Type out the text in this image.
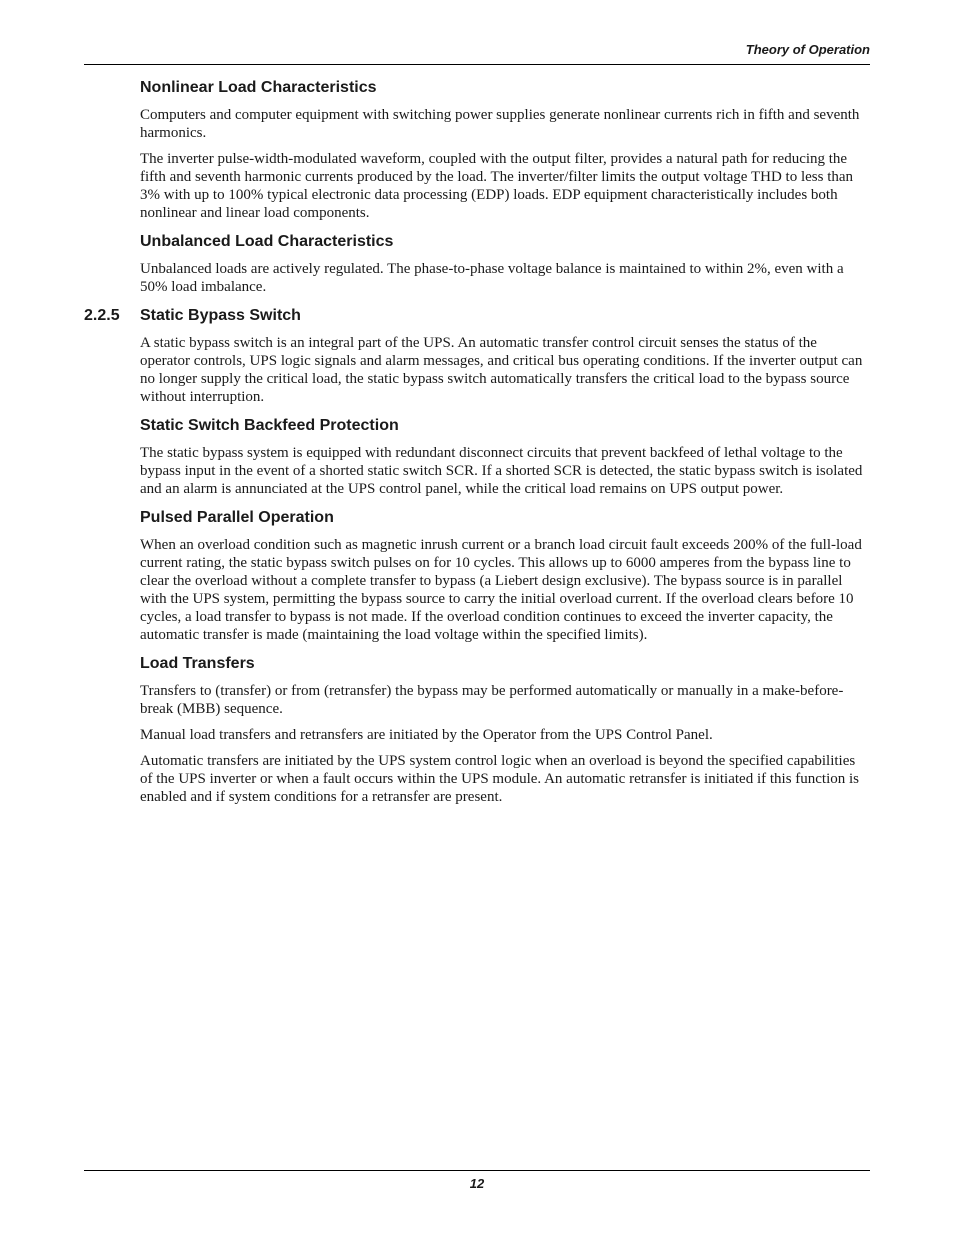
Theory of Operation
Nonlinear Load Characteristics
Computers and computer equipment with switching power supplies generate nonlinear currents rich in fifth and seventh harmonics.
The inverter pulse-width-modulated waveform, coupled with the output filter, provides a natural path for reducing the fifth and seventh harmonic currents produced by the load. The inverter/filter limits the output voltage THD to less than 3% with up to 100% typical electronic data processing (EDP) loads. EDP equipment characteristically includes both nonlinear and linear load components.
Unbalanced Load Characteristics
Unbalanced loads are actively regulated. The phase-to-phase voltage balance is maintained to within 2%, even with a 50% load imbalance.
2.2.5	Static Bypass Switch
A static bypass switch is an integral part of the UPS. An automatic transfer control circuit senses the status of the operator controls, UPS logic signals and alarm messages, and critical bus operating conditions. If the inverter output can no longer supply the critical load, the static bypass switch automatically transfers the critical load to the bypass source without interruption.
Static Switch Backfeed Protection
The static bypass system is equipped with redundant disconnect circuits that prevent backfeed of lethal voltage to the bypass input in the event of a shorted static switch SCR. If a shorted SCR is detected, the static bypass switch is isolated and an alarm is annunciated at the UPS control panel, while the critical load remains on UPS output power.
Pulsed Parallel Operation
When an overload condition such as magnetic inrush current or a branch load circuit fault exceeds 200% of the full-load current rating, the static bypass switch pulses on for 10 cycles. This allows up to 6000 amperes from the bypass line to clear the overload without a complete transfer to bypass (a Liebert design exclusive). The bypass source is in parallel with the UPS system, permitting the bypass source to carry the initial overload current. If the overload clears before 10 cycles, a load transfer to bypass is not made. If the overload condition continues to exceed the inverter capacity, the automatic transfer is made (maintaining the load voltage within the specified limits).
Load Transfers
Transfers to (transfer) or from (retransfer) the bypass may be performed automatically or manually in a make-before-break (MBB) sequence.
Manual load transfers and retransfers are initiated by the Operator from the UPS Control Panel.
Automatic transfers are initiated by the UPS system control logic when an overload is beyond the specified capabilities of the UPS inverter or when a fault occurs within the UPS module. An automatic retransfer is initiated if this function is enabled and if system conditions for a retransfer are present.
12
